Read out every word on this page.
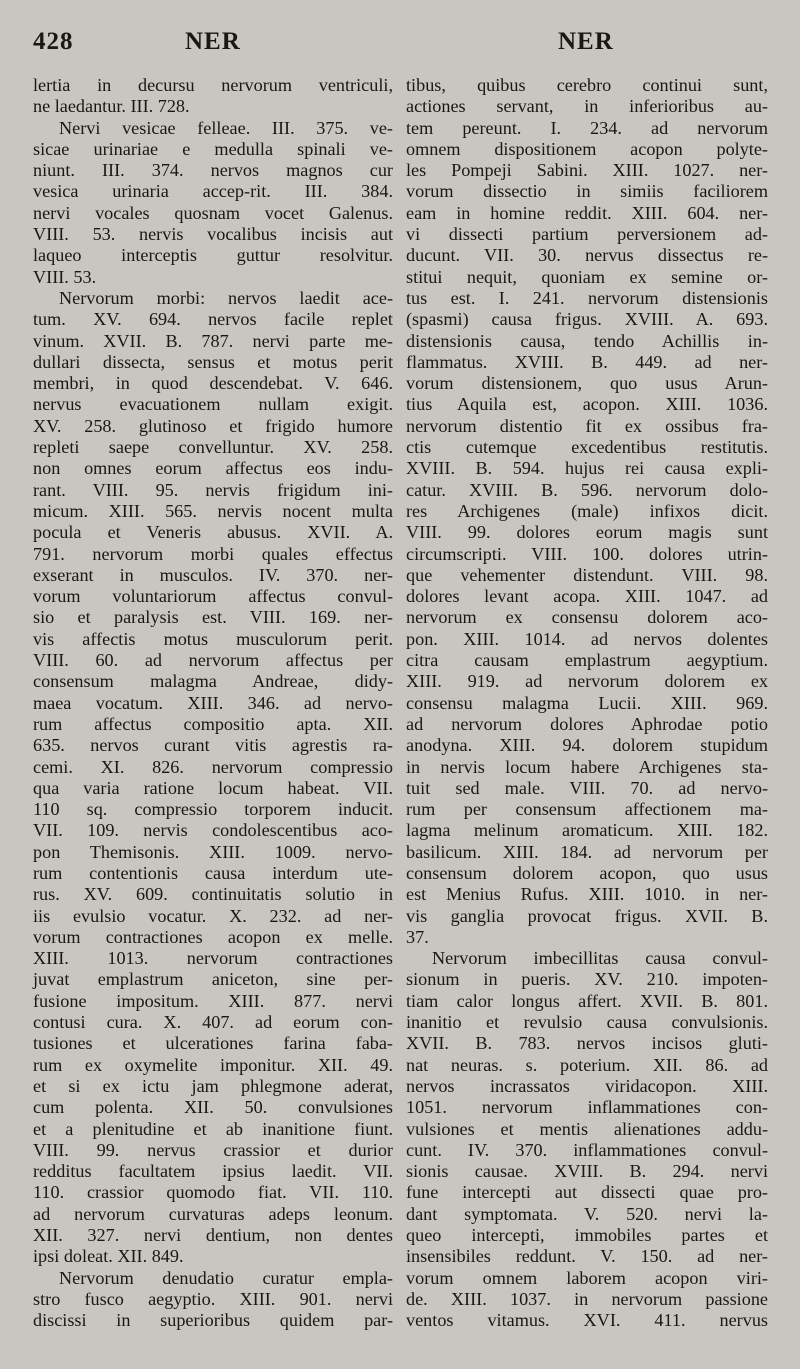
428	NER	NER
lertia in decursu nervorum ventriculi,
ne laedantur. III. 728.
Nervi vesicae felleae. III. 375. ve-
sicae urinariae e medulla spinali ve-
niunt. III. 374. nervos magnos cur
vesica urinaria accep-rit. III. 384.
nervi vocales quosnam vocet Galenus.
VIII. 53. nervis vocalibus incisis aut
laqueo interceptis guttur resolvitur.
VIII. 53.
Nervorum morbi: nervos laedit ace-
tum. XV. 694. nervos facile replet
vinum. XVII. B. 787. nervi parte me-
dullari dissecta, sensus et motus perit
membri, in quod descendebat. V. 646.
nervus evacuationem nullam exigit.
XV. 258. glutinoso et frigido humore
repleti saepe convelluntur. XV. 258.
non omnes eorum affectus eos indu-
rant. VIII. 95. nervis frigidum ini-
micum. XIII. 565. nervis nocent multa
pocula et Veneris abusus. XVII. A.
791. nervorum morbi quales effectus
exserant in musculos. IV. 370. ner-
vorum voluntariorum affectus convul-
sio et paralysis est. VIII. 169. ner-
vis affectis motus musculorum perit.
VIII. 60. ad nervorum affectus per
consensum malagma Andreae, didy-
maea vocatum. XIII. 346. ad nervo-
rum affectus compositio apta. XII.
635. nervos curant vitis agrestis ra-
cemi. XI. 826. nervorum compressio
qua varia ratione locum habeat. VII.
110 sq. compressio torporem inducit.
VII. 109. nervis condolescentibus aco-
pon Themisonis. XIII. 1009. nervo-
rum contentionis causa interdum ute-
rus. XV. 609. continuitatis solutio in
iis evulsio vocatur. X. 232. ad ner-
vorum contractiones acopon ex melle.
XIII. 1013. nervorum contractiones
juvat emplastrum aniceton, sine per-
fusione impositum. XIII. 877. nervi
contusi cura. X. 407. ad eorum con-
tusiones et ulcerationes farina faba-
rum ex oxymelite imponitur. XII. 49.
et si ex ictu jam phlegmone aderat,
cum polenta. XII. 50. convulsiones
et a plenitudine et ab inanitione fiunt.
VIII. 99. nervus crassior et durior
redditus facultatem ipsius laedit. VII.
110. crassior quomodo fiat. VII. 110.
ad nervorum curvaturas adeps leonum.
XII. 327. nervi dentium, non dentes
ipsi doleat. XII. 849.
Nervorum denudatio curatur empla-
stro fusco aegyptio. XIII. 901. nervi
discissi in superioribus quidem par-
tibus, quibus cerebro continui sunt,
actiones servant, in inferioribus au-
tem pereunt. I. 234. ad nervorum
omnem dispositionem acopon polyte-
les Pompeji Sabini. XIII. 1027. ner-
vorum dissectio in simiis faciliorem
eam in homine reddit. XIII. 604. ner-
vi dissecti partium perversionem ad-
ducunt. VII. 30. nervus dissectus re-
stitui nequit, quoniam ex semine or-
tus est. I. 241. nervorum distensionis
(spasmi) causa frigus. XVIII. A. 693.
distensionis causa, tendo Achillis in-
flammatus. XVIII. B. 449. ad ner-
vorum distensionem, quo usus Arun-
tius Aquila est, acopon. XIII. 1036.
nervorum distentio fit ex ossibus fra-
ctis cutemque excedentibus restitutis.
XVIII. B. 594. hujus rei causa expli-
catur. XVIII. B. 596. nervorum dolo-
res Archigenes (male) infixos dicit.
VIII. 99. dolores eorum magis sunt
circumscripti. VIII. 100. dolores utrin-
que vehementer distendunt. VIII. 98.
dolores levant acopa. XIII. 1047. ad
nervorum ex consensu dolorem aco-
pon. XIII. 1014. ad nervos dolentes
citra causam emplastrum aegyptium.
XIII. 919. ad nervorum dolorem ex
consensu malagma Lucii. XIII. 969.
ad nervorum dolores Aphrodae potio
anodyna. XIII. 94. dolorem stupidum
in nervis locum habere Archigenes sta-
tuit sed male. VIII. 70. ad nervo-
rum per consensum affectionem ma-
lagma melinum aromaticum. XIII. 182.
basilicum. XIII. 184. ad nervorum per
consensum dolorem acopon, quo usus
est Menius Rufus. XIII. 1010. in ner-
vis ganglia provocat frigus. XVII. B.
37.
Nervorum imbecillitas causa convul-
sionum in pueris. XV. 210. impoten-
tiam calor longus affert. XVII. B. 801.
inanitio et revulsio causa convulsionis.
XVII. B. 783. nervos incisos gluti-
nat neuras. s. poterium. XII. 86. ad
nervos incrassatos viridacopon. XIII.
1051. nervorum inflammationes con-
vulsiones et mentis alienationes addu-
cunt. IV. 370. inflammationes convul-
sionis causae. XVIII. B. 294. nervi
fune intercepti aut dissecti quae pro-
dant symptomata. V. 520. nervi la-
queo intercepti, immobiles partes et
insensibiles reddunt. V. 150. ad ner-
vorum omnem laborem acopon viri-
de. XIII. 1037. in nervorum passione
ventos vitamus. XVI. 411. nervus
